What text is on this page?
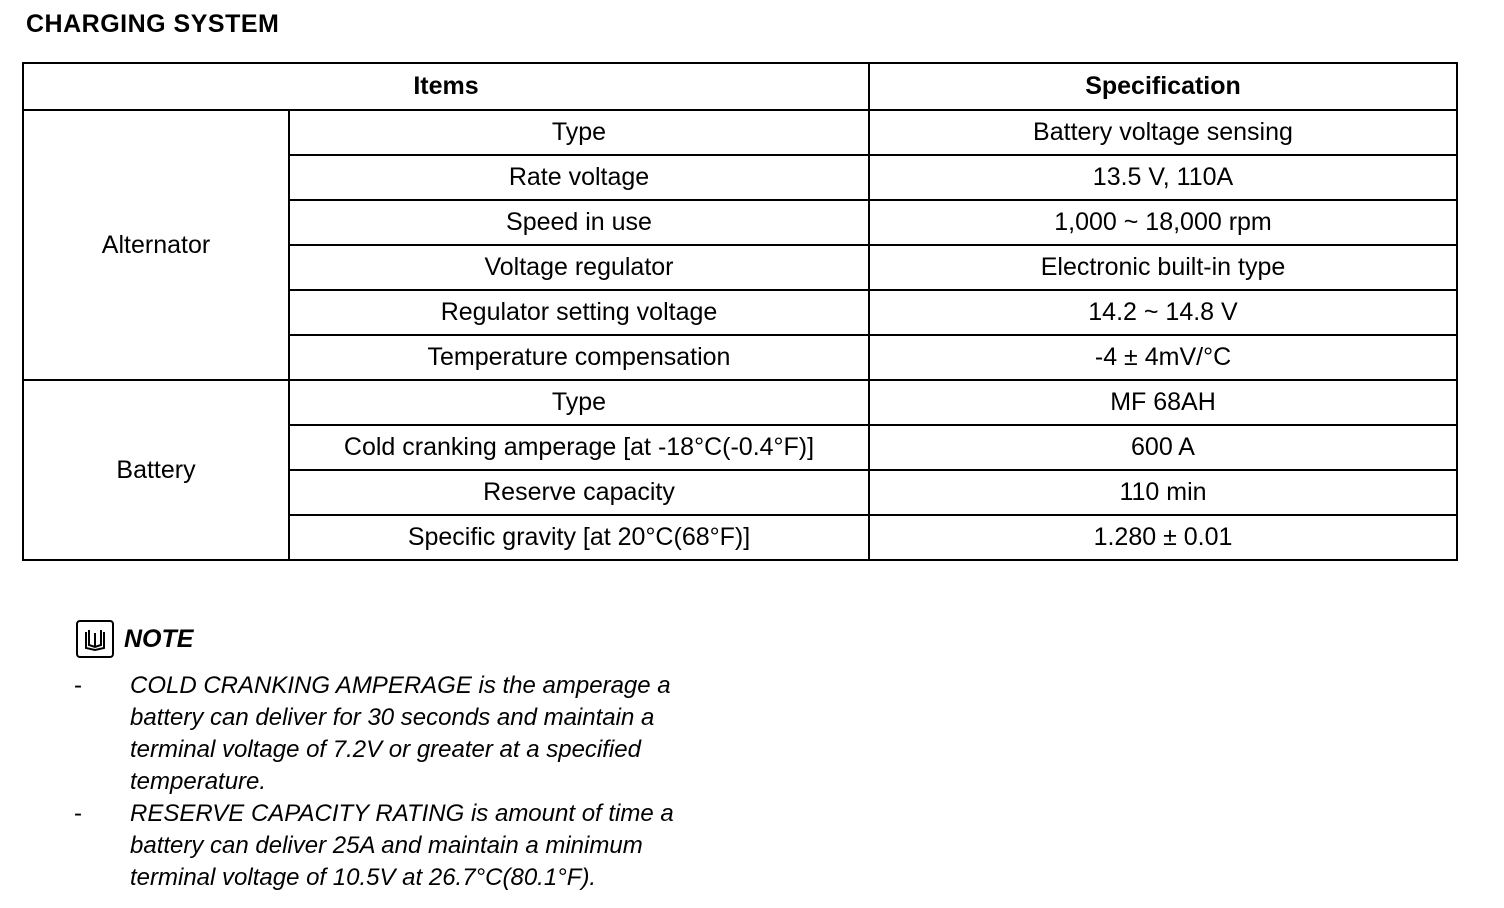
CHARGING SYSTEM
Items		Specification
Alternator	Type	Battery voltage sensing
	Rate voltage	13.5 V, 110A
	Speed in use	1,000 ~ 18,000 rpm
	Voltage regulator	Electronic built-in type
	Regulator setting voltage	14.2 ~ 14.8 V
	Temperature compensation	-4 ± 4mV/°C
Battery	Type	MF 68AH
	Cold cranking amperage [at -18°C(-0.4°F)]	600 A
	Reserve capacity	110 min
	Specific gravity [at 20°C(68°F)]	1.280 ± 0.01
NOTE
-	COLD CRANKING AMPERAGE is the amperage a battery can deliver for 30 seconds and maintain a terminal voltage of 7.2V or greater at a specified temperature.
-	RESERVE CAPACITY RATING is amount of time a battery can deliver 25A and maintain a minimum terminal voltage of 10.5V at 26.7°C(80.1°F).
